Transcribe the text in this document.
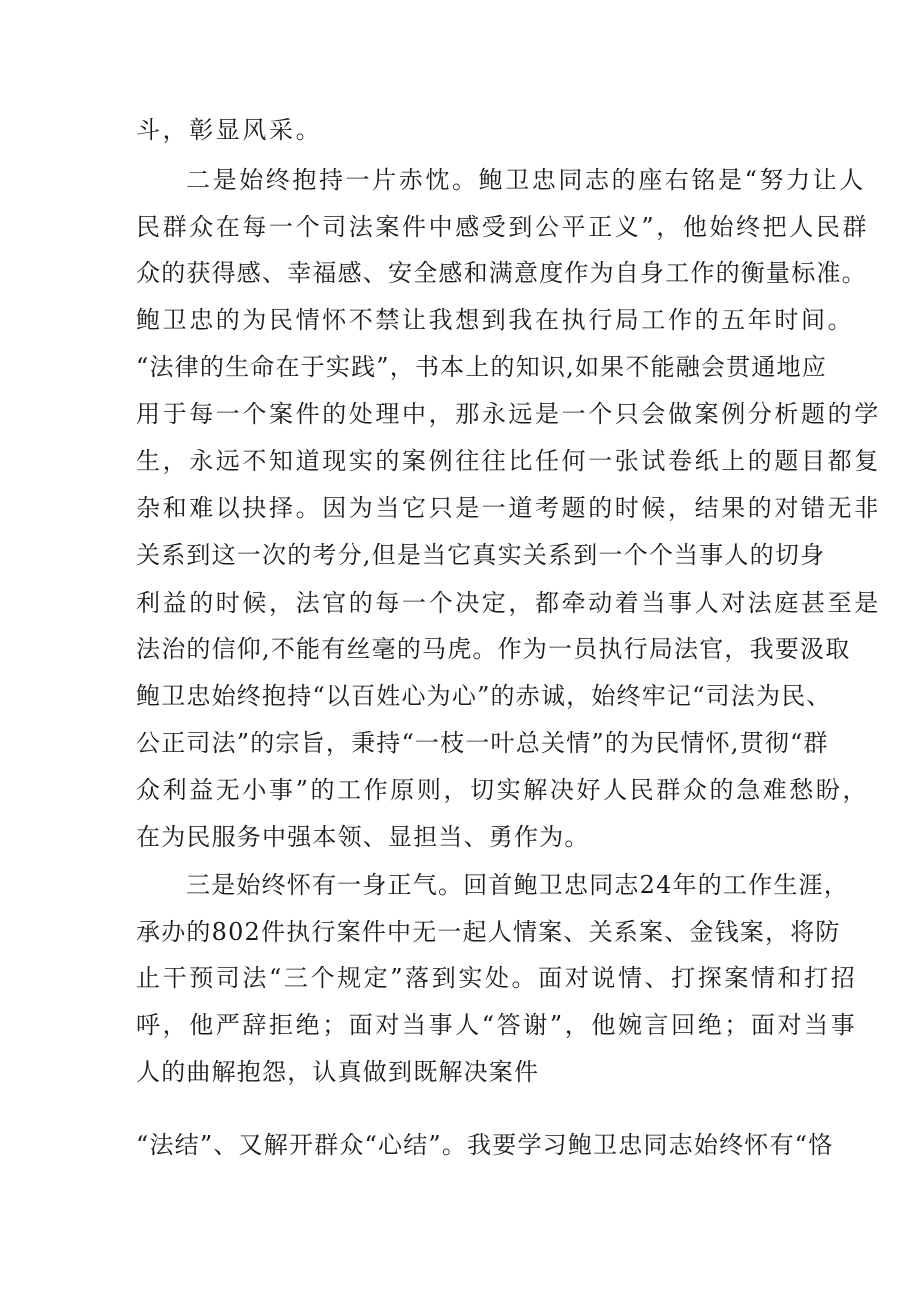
斗，彰显风采。
二是始终抱持一片赤忱。鲍卫忠同志的座右铭是“努力让人
民群众在每一个司法案件中感受到公平正义”，他始终把人民群
众的获得感、幸福感、安全感和满意度作为自身工作的衡量标准。
鲍卫忠的为民情怀不禁让我想到我在执行局工作的五年时间。
“法律的生命在于实践”，书本上的知识,如果不能融会贯通地应
用于每一个案件的处理中，那永远是一个只会做案例分析题的学
生，永远不知道现实的案例往往比任何一张试卷纸上的题目都复
杂和难以抉择。因为当它只是一道考题的时候，结果的对错无非
关系到这一次的考分,但是当它真实关系到一个个当事人的切身
利益的时候，法官的每一个决定，都牵动着当事人对法庭甚至是
法治的信仰,不能有丝毫的马虎。作为一员执行局法官，我要汲取
鲍卫忠始终抱持“以百姓心为心”的赤诚，始终牢记“司法为民、
公正司法”的宗旨，秉持“一枝一叶总关情”的为民情怀,贯彻“群
众利益无小事”的工作原则，切实解决好人民群众的急难愁盼，
在为民服务中强本领、显担当、勇作为。
三是始终怀有一身正气。回首鲍卫忠同志24年的工作生涯，
承办的802件执行案件中无一起人情案、关系案、金钱案，将防
止干预司法“三个规定”落到实处。面对说情、打探案情和打招
呼，他严辞拒绝；面对当事人“答谢”，他婉言回绝；面对当事
人的曲解抱怨，认真做到既解决案件
“法结”、又解开群众“心结”。我要学习鲍卫忠同志始终怀有“恪
